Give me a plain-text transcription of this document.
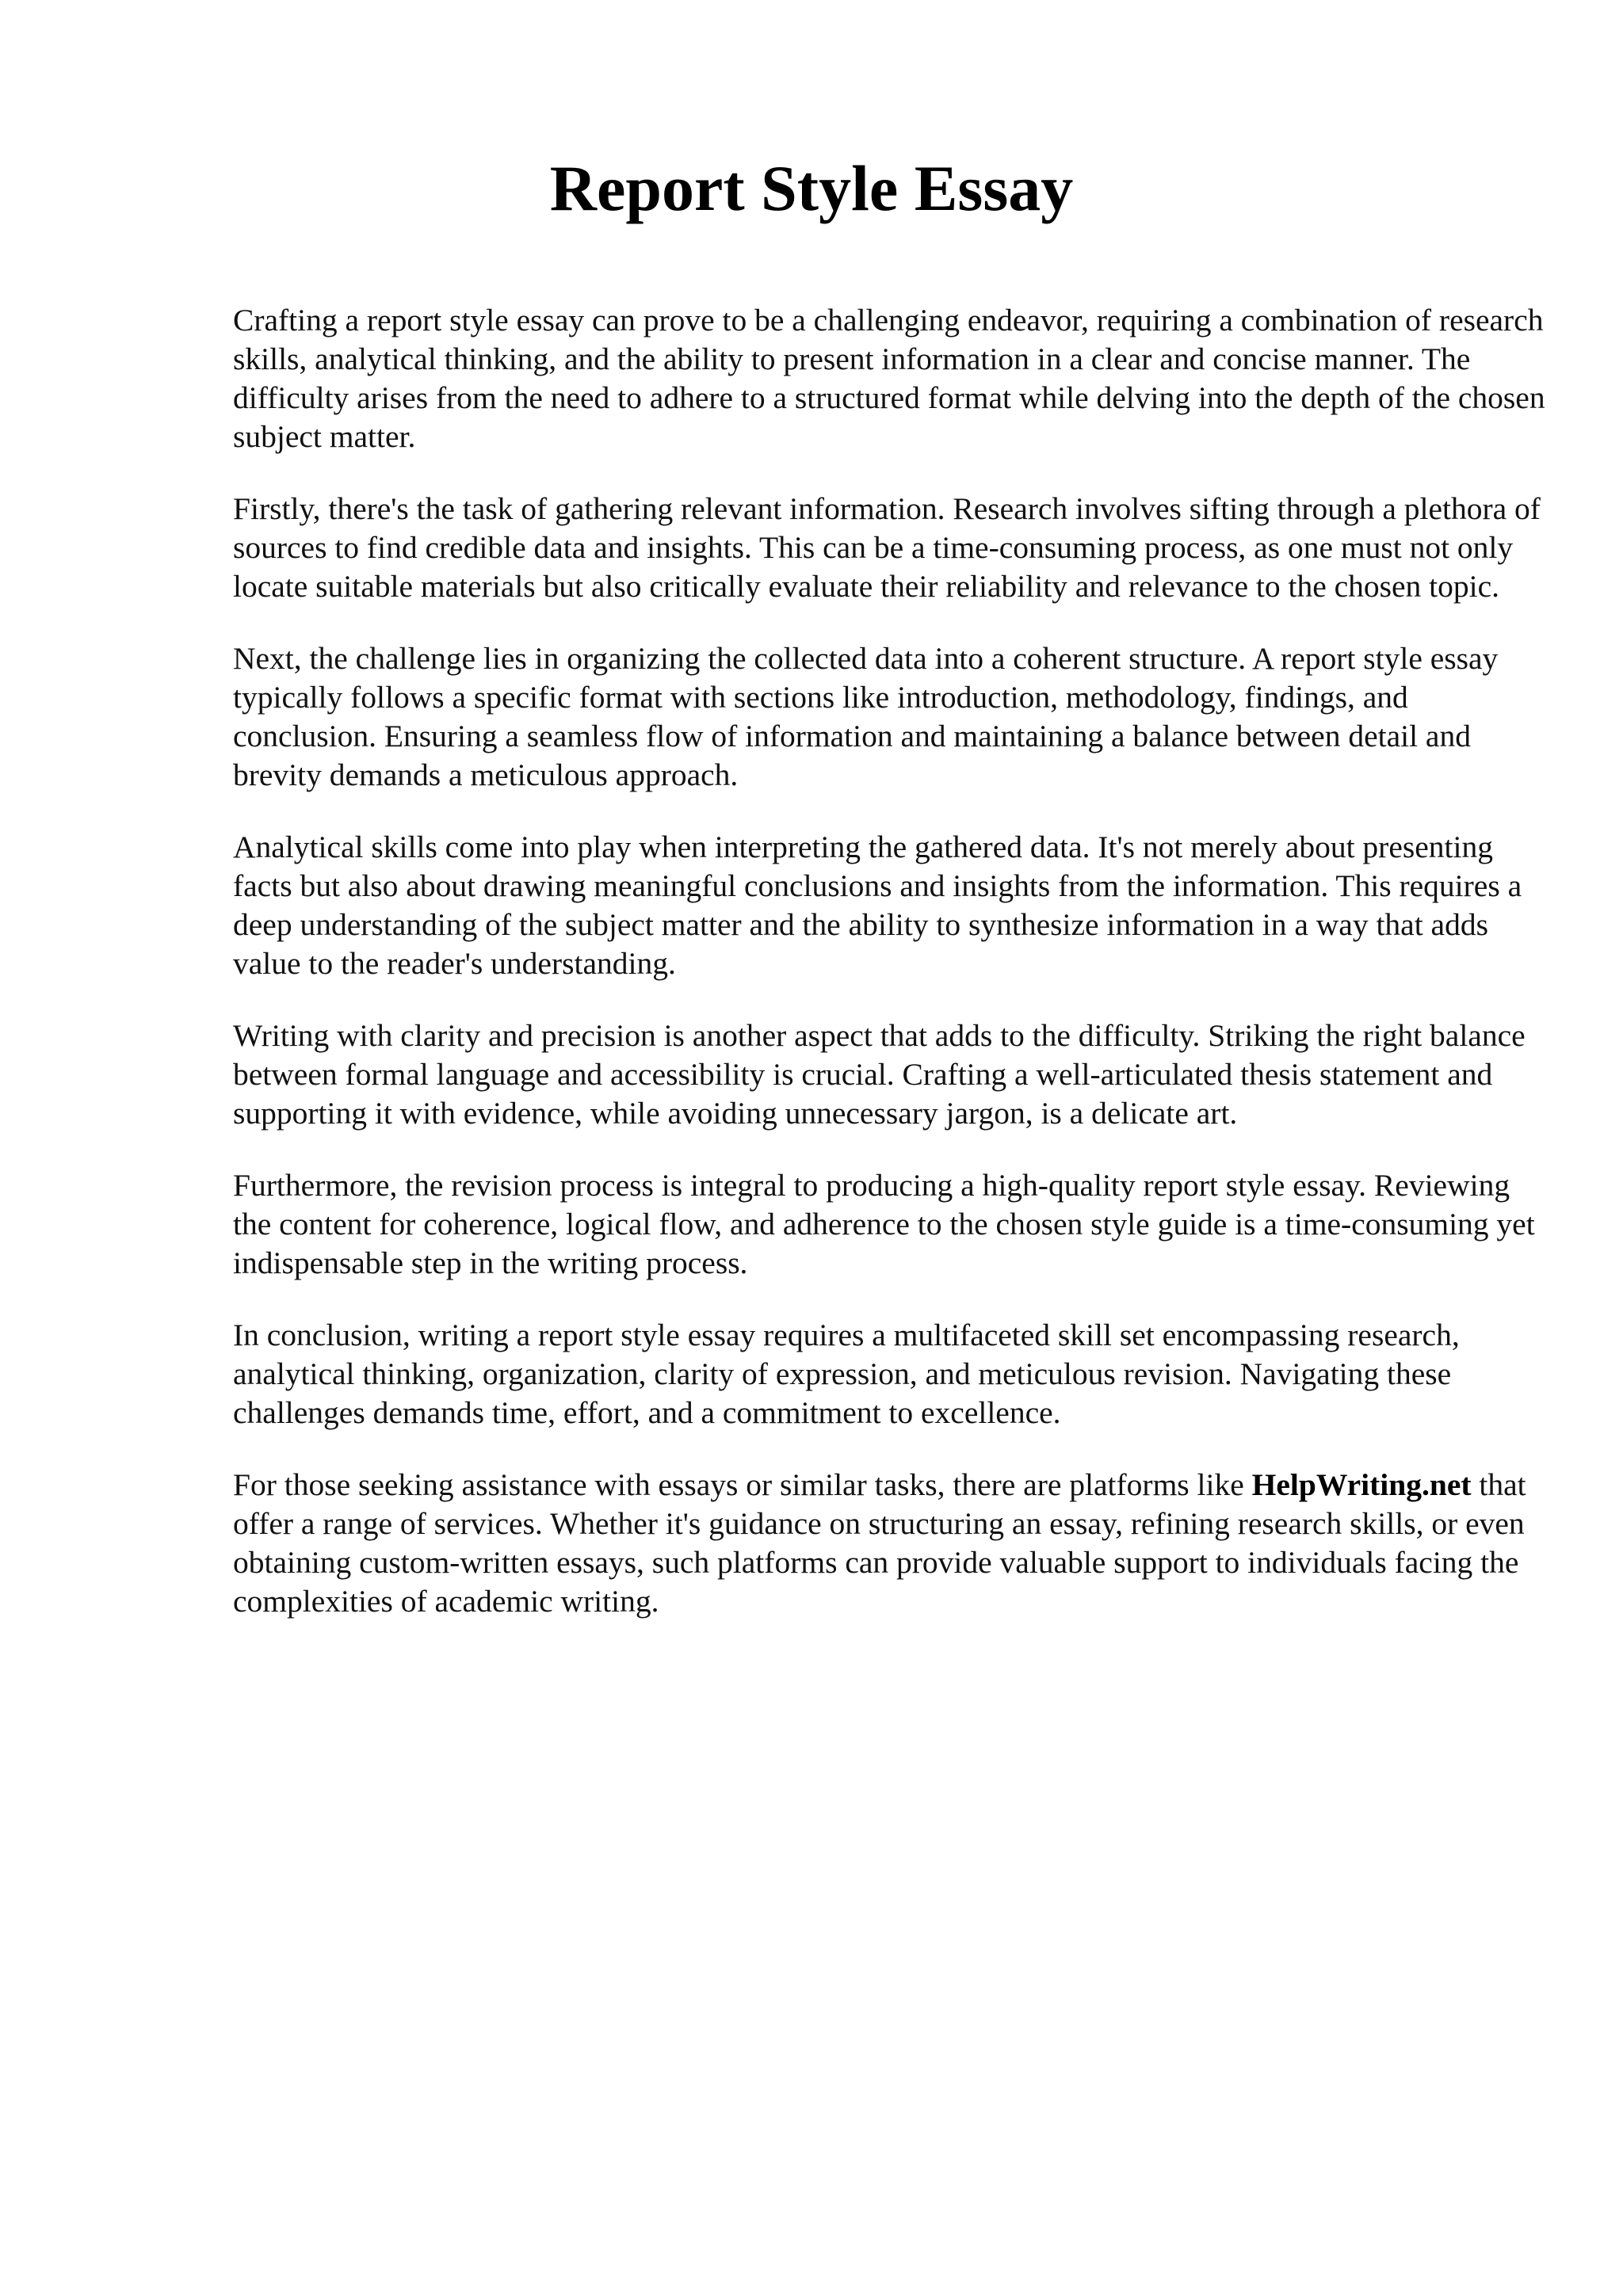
Report Style Essay

Crafting a report style essay can prove to be a challenging endeavor, requiring a combination of research skills, analytical thinking, and the ability to present information in a clear and concise manner. The difficulty arises from the need to adhere to a structured format while delving into the depth of the chosen subject matter.

Firstly, there's the task of gathering relevant information. Research involves sifting through a plethora of sources to find credible data and insights. This can be a time-consuming process, as one must not only locate suitable materials but also critically evaluate their reliability and relevance to the chosen topic.

Next, the challenge lies in organizing the collected data into a coherent structure. A report style essay typically follows a specific format with sections like introduction, methodology, findings, and conclusion. Ensuring a seamless flow of information and maintaining a balance between detail and brevity demands a meticulous approach.

Analytical skills come into play when interpreting the gathered data. It's not merely about presenting facts but also about drawing meaningful conclusions and insights from the information. This requires a deep understanding of the subject matter and the ability to synthesize information in a way that adds value to the reader's understanding.

Writing with clarity and precision is another aspect that adds to the difficulty. Striking the right balance between formal language and accessibility is crucial. Crafting a well-articulated thesis statement and supporting it with evidence, while avoiding unnecessary jargon, is a delicate art.

Furthermore, the revision process is integral to producing a high-quality report style essay. Reviewing the content for coherence, logical flow, and adherence to the chosen style guide is a time-consuming yet indispensable step in the writing process.

In conclusion, writing a report style essay requires a multifaceted skill set encompassing research, analytical thinking, organization, clarity of expression, and meticulous revision. Navigating these challenges demands time, effort, and a commitment to excellence.

For those seeking assistance with essays or similar tasks, there are platforms like HelpWriting.net that offer a range of services. Whether it's guidance on structuring an essay, refining research skills, or even obtaining custom-written essays, such platforms can provide valuable support to individuals facing the complexities of academic writing.
